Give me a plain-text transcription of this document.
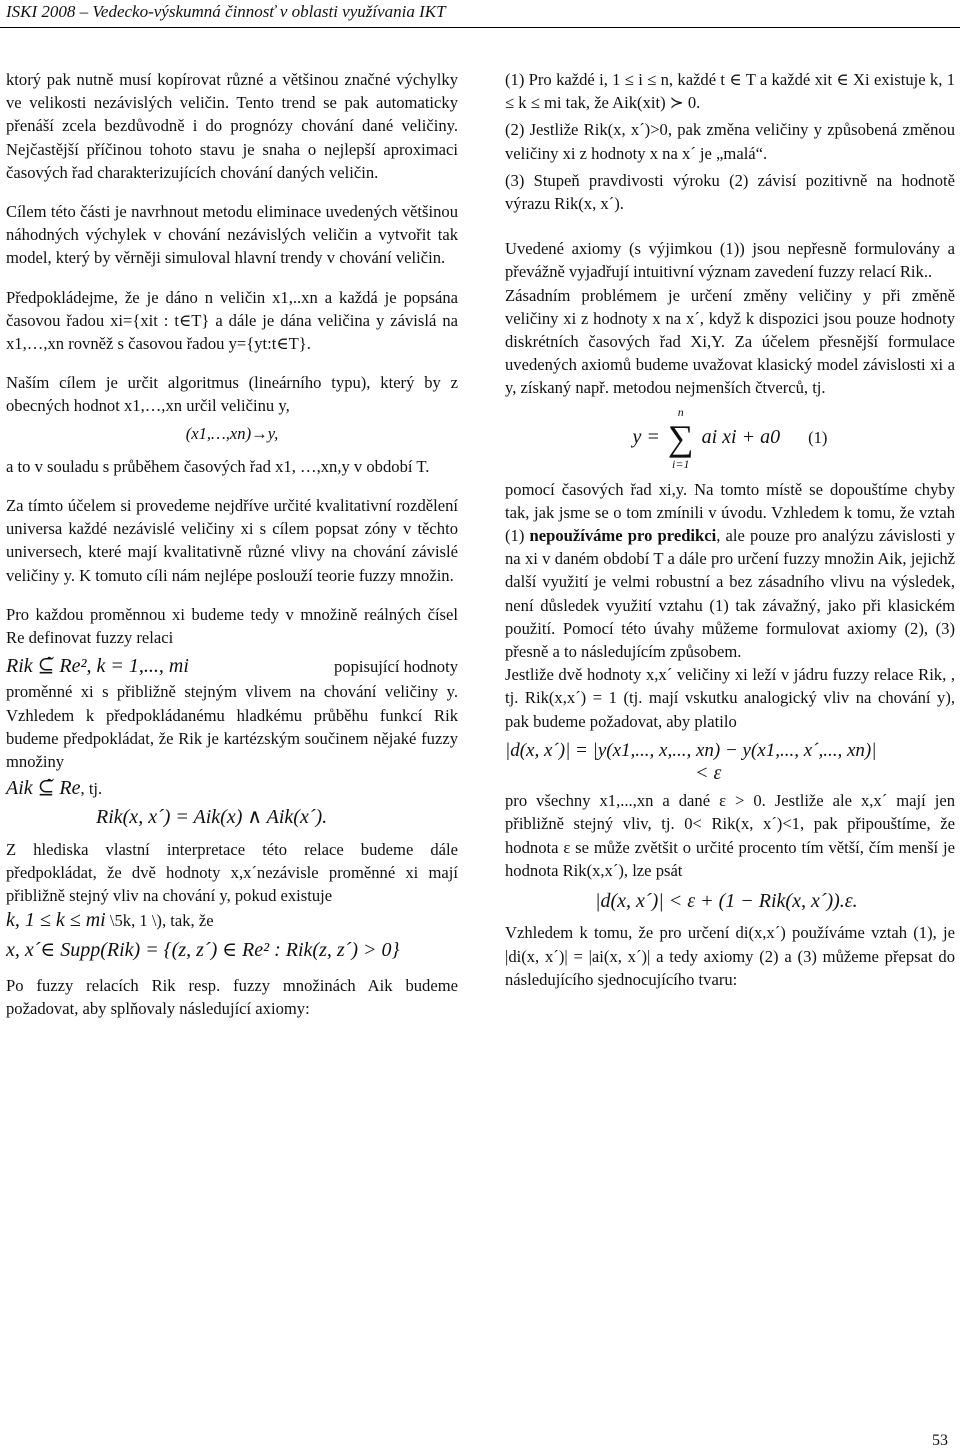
ISKI 2008 – Vedecko-výskumná činnosť v oblasti využívania IKT

ktorý pak nutně musí kopírovat různé a většinou značné výchylky ve velikosti nezávislých veličin. Tento trend se pak automaticky přenáší zcela bezdůvodně i do prognózy chování dané veličiny. Nejčastější příčinou tohoto stavu je snaha o nejlepší aproximaci časových řad charakterizujících chování daných veličin.

Cílem této části je navrhnout metodu eliminace uvedených většinou náhodných výchylek v chování nezávislých veličin a vytvořit tak model, který by věrněji simuloval hlavní trendy v chování veličin.

Předpokládejme, že je dáno n veličin x1,..xn a každá je popsána časovou řadou xi={xit : t∈T} a dále je dána veličina y závislá na x1,…,xn rovněž s časovou řadou y={yt:t∈T}.

Naším cílem je určit algoritmus (lineárního typu), který by z obecných hodnot x1,…,xn určil veličinu y,

(x1,…,xn)→y,

a to v souladu s průběhem časových řad x1, …,xn,y v období T.

Za tímto účelem si provedeme nejdříve určité kvalitativní rozdělení universa každé nezávislé veličiny xi s cílem popsat zóny v těchto universech, které mají kvalitativně různé vlivy na chování závislé veličiny y. K tomuto cíli nám nejlépe poslouží teorie fuzzy množin.

Pro každou proměnnou xi budeme tedy v množině reálných čísel Re definovat fuzzy relaci

Rik ⊆̃ Re², k = 1,..., mi	popisující hodnoty

proměnné xi s přibližně stejným vlivem na chování veličiny y. Vzhledem k předpokládanému hladkému průběhu funkcí Rik budeme předpokládat, že Rik je kartézským součinem nějaké fuzzy množiny

Aik ⊆̃ Re, tj.
Rik(x, x´) = Aik(x) ∧ Aik(x´).

Z hlediska vlastní interpretace této relace budeme dále předpokládat, že dvě hodnoty x,x´nezávisle proměnné xi mají přibližně stejný vliv na chování y, pokud existuje

k, 1 ≤ k ≤ mi \5k, 1 \), tak, že
x, x´∈ Supp(Rik) = {(z, z´) ∈ Re² : Rik(z, z´) > 0}

Po fuzzy relacích Rik resp. fuzzy množinách Aik budeme požadovat, aby splňovaly následující axiomy:

(1) Pro každé i, 1 ≤ i ≤ n, každé t ∈ T a každé xit ∈ Xi existuje k, 1 ≤ k ≤ mi tak, že Aik(xit) ≻ 0.

(2) Jestliže Rik(x, x´)>0, pak změna veličiny y způsobená změnou veličiny xi z hodnoty x na x´ je „malá“.

(3) Stupeň pravdivosti výroku (2) závisí pozitivně na hodnotě výrazu Rik(x, x´).

Uvedené axiomy (s výjimkou (1)) jsou nepřesně formulovány a převážně vyjadřují intuitivní význam zavedení fuzzy relací Rik..

Zásadním problémem je určení změny veličiny y při změně veličiny xi z hodnoty x na x´, když k dispozici jsou pouze hodnoty diskrétních časových řad Xi,Y. Za účelem přesnější formulace uvedených axiomů budeme uvažovat klasický model závislosti xi a y, získaný např. metodou nejmenších čtverců, tj.

y =
n
∑
i=1
ai xi + a0 (1)

pomocí časových řad xi,y. Na tomto místě se dopouštíme chyby tak, jak jsme se o tom zmínili v úvodu. Vzhledem k tomu, že vztah (1) nepoužíváme pro predikci, ale pouze pro analýzu závislosti y na xi v daném období T a dále pro určení fuzzy množin Aik, jejichž další využití je velmi robustní a bez zásadního vlivu na výsledek, není důsledek využití vztahu (1) tak závažný, jako při klasickém použití. Pomocí této úvahy můžeme formulovat axiomy (2), (3) přesně a to následujícím způsobem.

Jestliže dvě hodnoty x,x´ veličiny xi leží v jádru fuzzy relace Rik, , tj. Rik(x,x´) = 1 (tj. mají vskutku analogický vliv na chování y), pak budeme požadovat, aby platilo

|d(x, x´)| = |y(x1,..., x,..., xn) − y(x1,..., x´,..., xn)|
< ε

pro všechny x1,...,xn a dané ε > 0. Jestliže ale x,x´ mají jen přibližně stejný vliv, tj. 0< Rik(x, x´)<1, pak připouštíme, že hodnota ε se může zvětšit o určité procento tím větší, čím menší je hodnota Rik(x,x´), lze psát

|d(x, x´)| < ε + (1 − Rik(x, x´)).ε.

Vzhledem k tomu, že pro určení di(x,x´) používáme vztah (1), je |di(x, x´)| = |ai(x, x´)| a tedy axiomy (2) a (3) můžeme přepsat do následujícího sjednocujícího tvaru:

53
